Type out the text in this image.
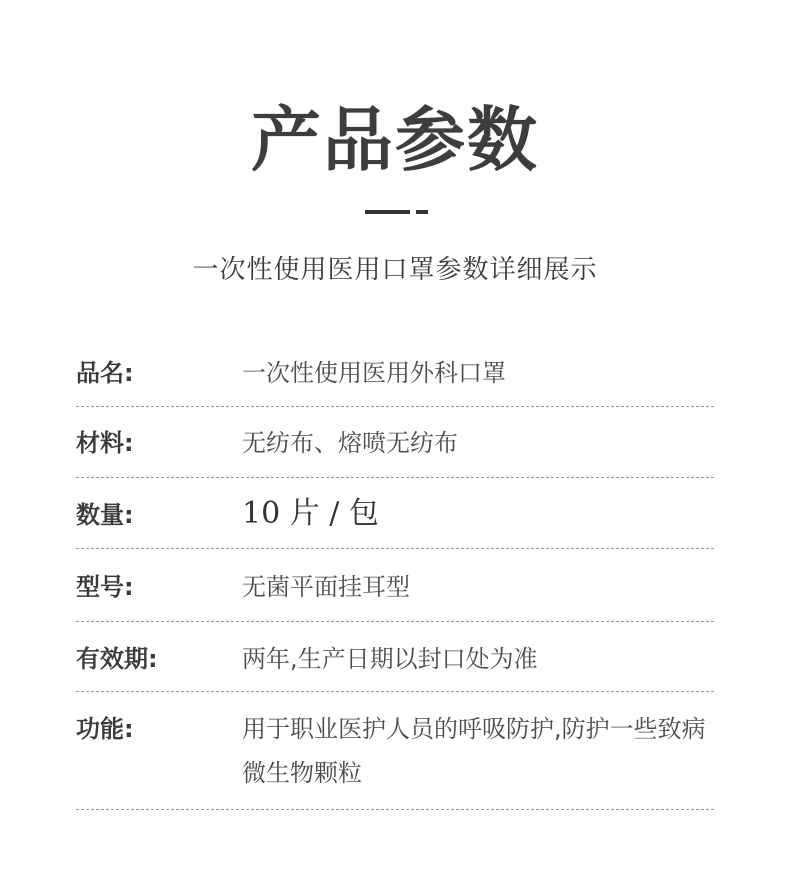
产品参数
一次性使用医用口罩参数详细展示
品名:	一次性使用医用外科口罩
材料:	无纺布、熔喷无纺布
数量:	10 片 / 包
型号:	无菌平面挂耳型
有效期:	两年,生产日期以封口处为准
功能:	用于职业医护人员的呼吸防护,防护一些致病微生物颗粒
